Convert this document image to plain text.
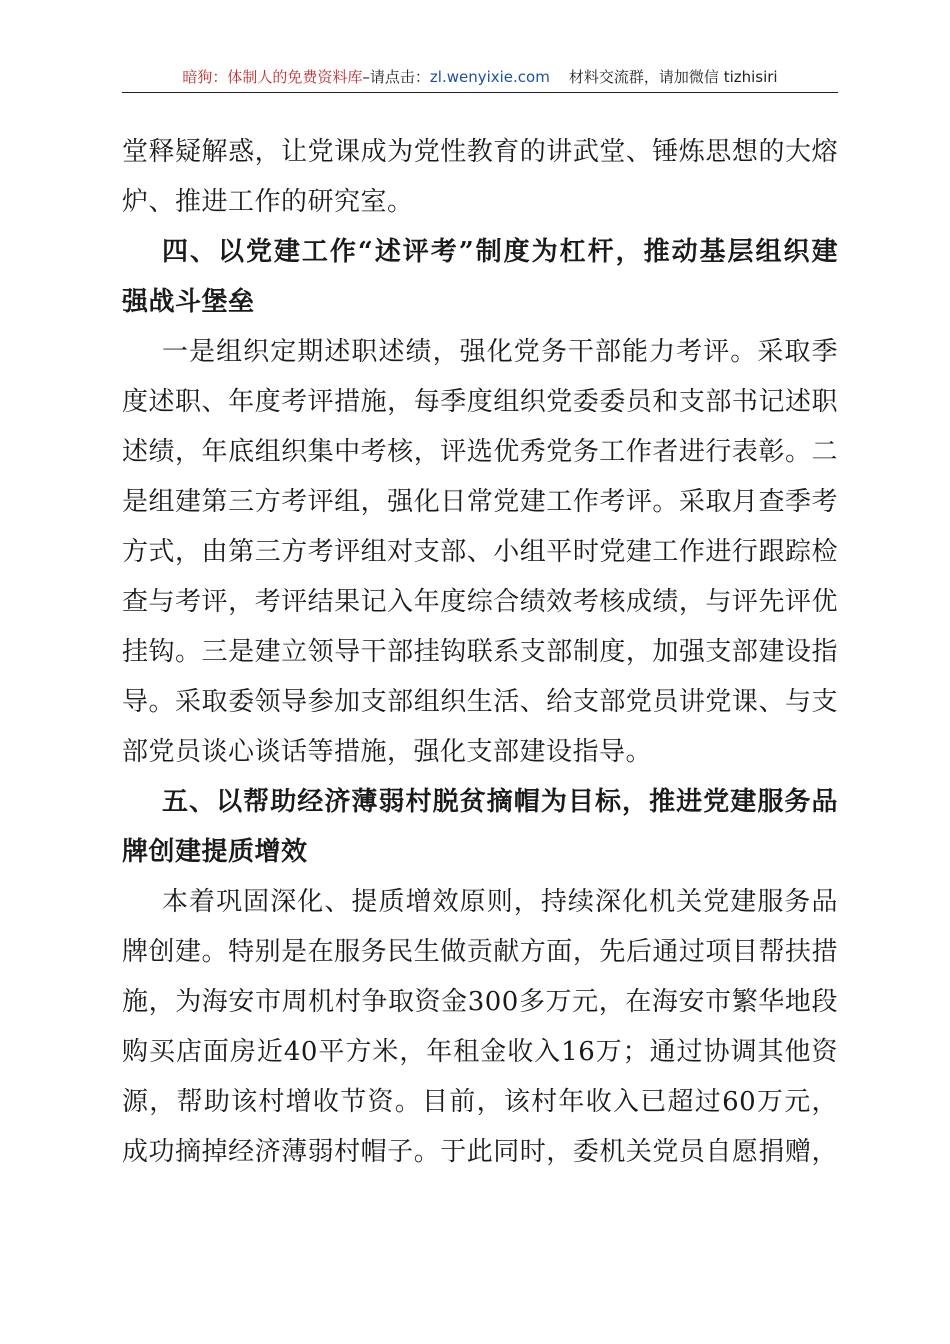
暗狗：体制人的免费资料库–请点击：zl.wenyixie.com 材料交流群，请加微信 tizhisiri
堂释疑解惑，让党课成为党性教育的讲武堂、锤炼思想的大熔
炉、推进工作的研究室。
四、以党建工作“述评考”制度为杠杆，推动基层组织建
强战斗堡垒
一是组织定期述职述绩，强化党务干部能力考评。采取季
度述职、年度考评措施，每季度组织党委委员和支部书记述职
述绩，年底组织集中考核，评选优秀党务工作者进行表彰。二
是组建第三方考评组，强化日常党建工作考评。采取月查季考
方式，由第三方考评组对支部、小组平时党建工作进行跟踪检
查与考评，考评结果记入年度综合绩效考核成绩，与评先评优
挂钩。三是建立领导干部挂钩联系支部制度，加强支部建设指
导。采取委领导参加支部组织生活、给支部党员讲党课、与支
部党员谈心谈话等措施，强化支部建设指导。
五、以帮助经济薄弱村脱贫摘帽为目标，推进党建服务品
牌创建提质增效
本着巩固深化、提质增效原则，持续深化机关党建服务品
牌创建。特别是在服务民生做贡献方面，先后通过项目帮扶措
施，为海安市周机村争取资金300多万元，在海安市繁华地段
购买店面房近40平方米，年租金收入16万；通过协调其他资
源，帮助该村增收节资。目前，该村年收入已超过60万元，
成功摘掉经济薄弱村帽子。于此同时，委机关党员自愿捐赠，
